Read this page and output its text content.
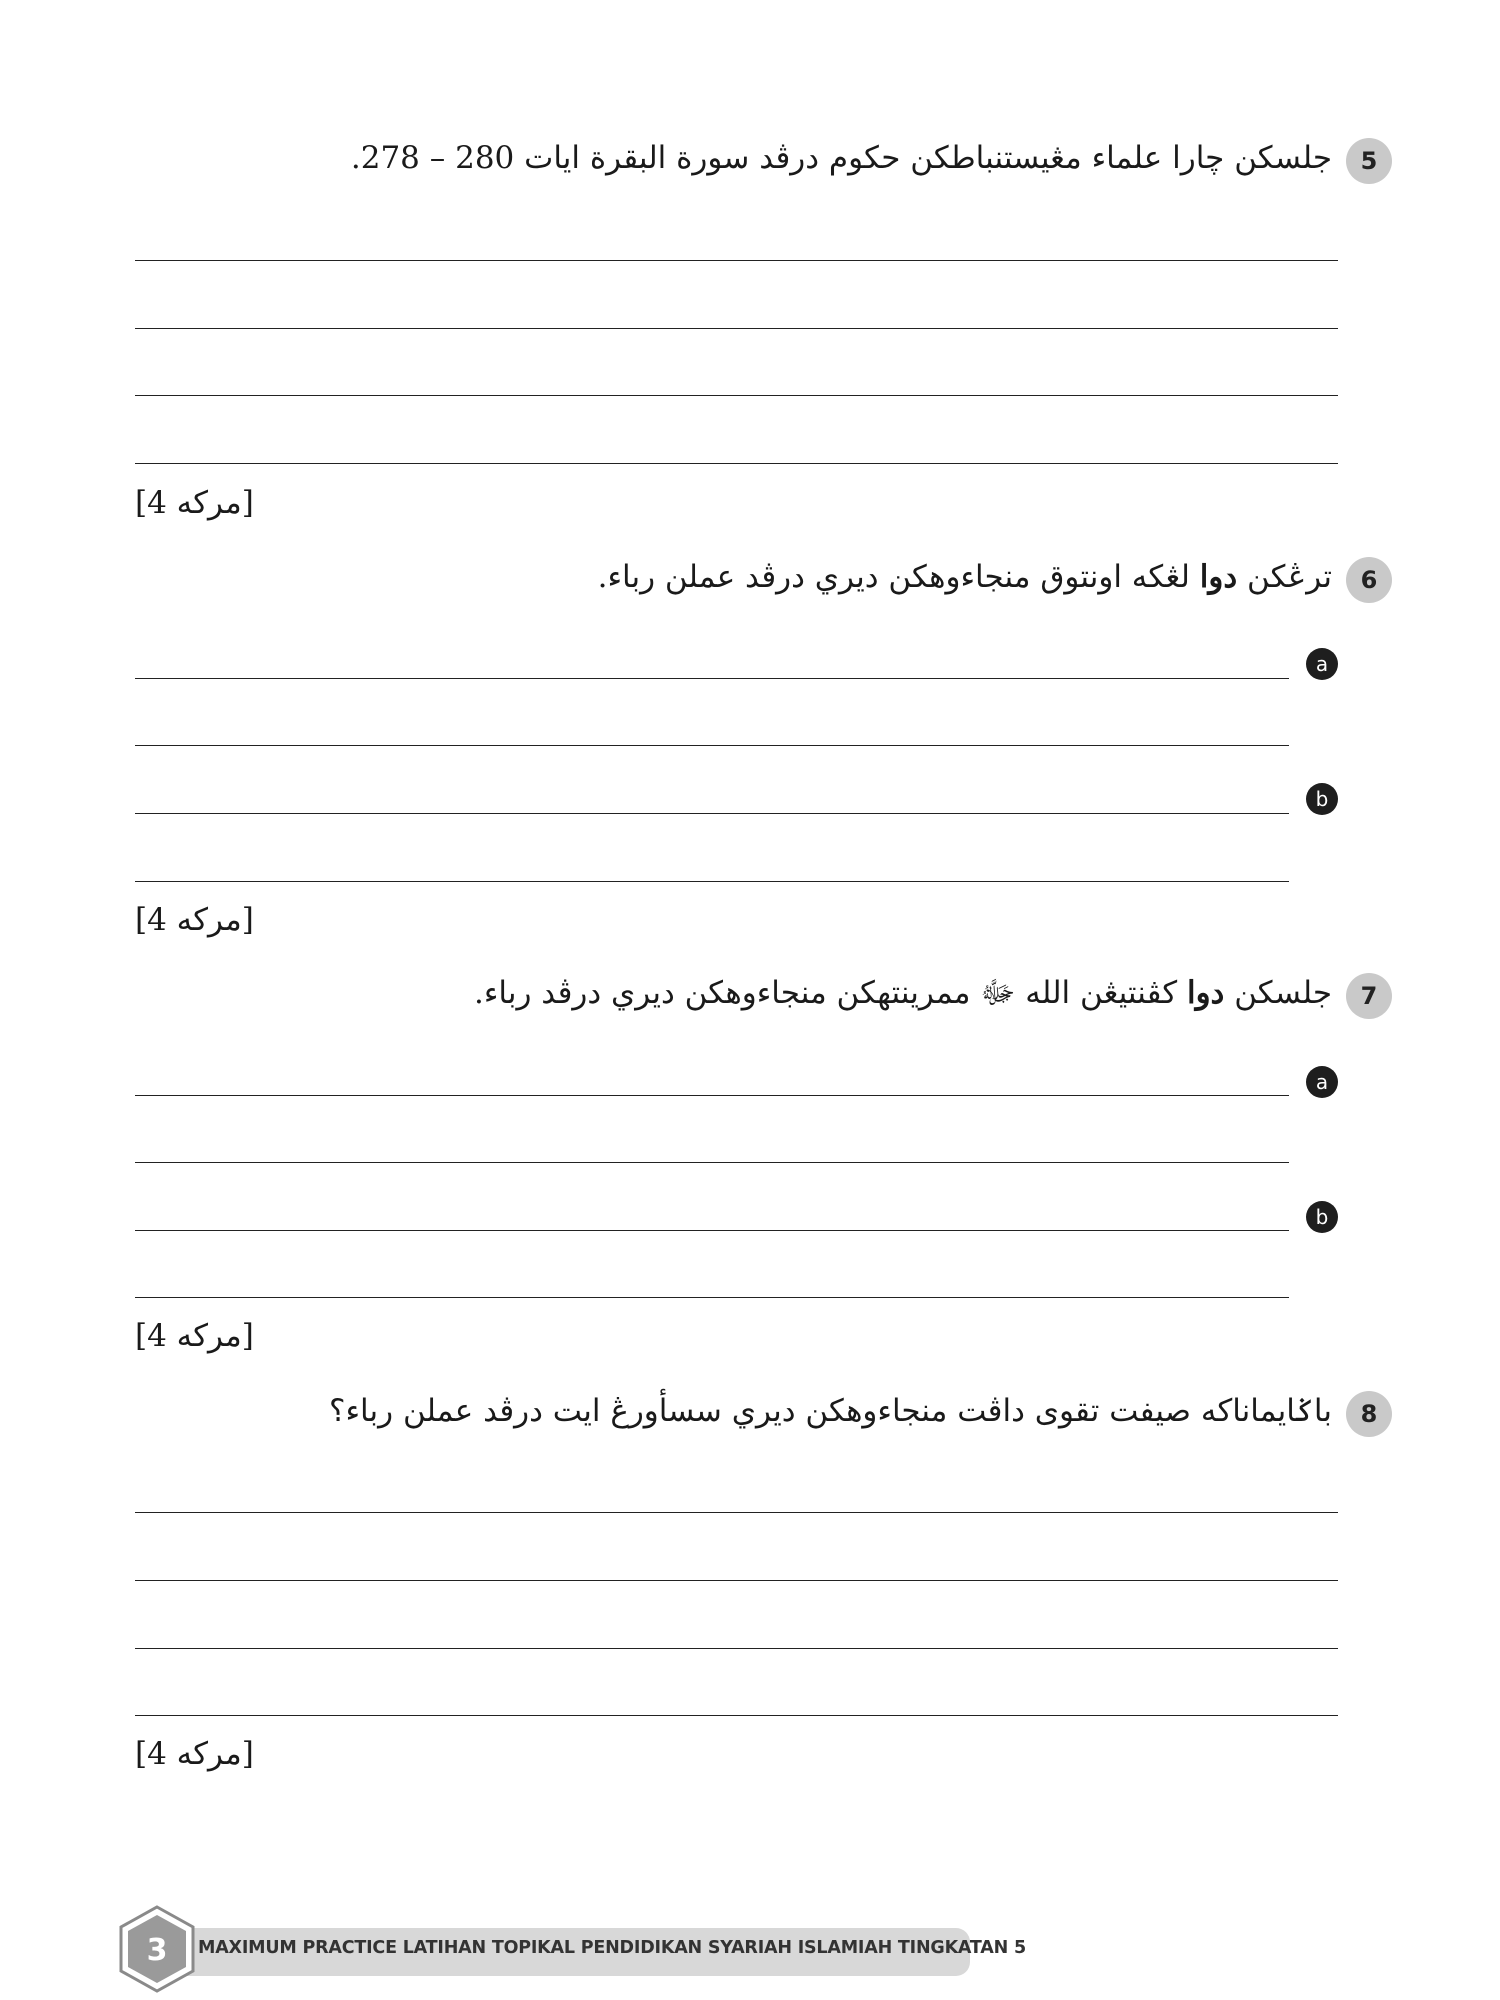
5
جلسکن چارا علماء مڠيستنباطکن حکوم درڤد سورة البقرة ايات 280 – 278.
[4 مرکه]
6
ترڠکن دوا لڠکه اونتوق منجاءوهکن ديري درڤد عملن رباء.
a
b
[4 مرکه]
7
جلسکن دوا کڤنتيڠن الله ﷻ ممرينتهکن منجاءوهکن ديري درڤد رباء.
a
b
[4 مرکه]
8
باݢايماناکه صيفت تقوى داڤت منجاءوهکن ديري سسأورڠ ايت درڤد عملن رباء؟
[4 مرکه]
3 MAXIMUM PRACTICE LATIHAN TOPIKAL PENDIDIKAN SYARIAH ISLAMIAH TINGKATAN 5
